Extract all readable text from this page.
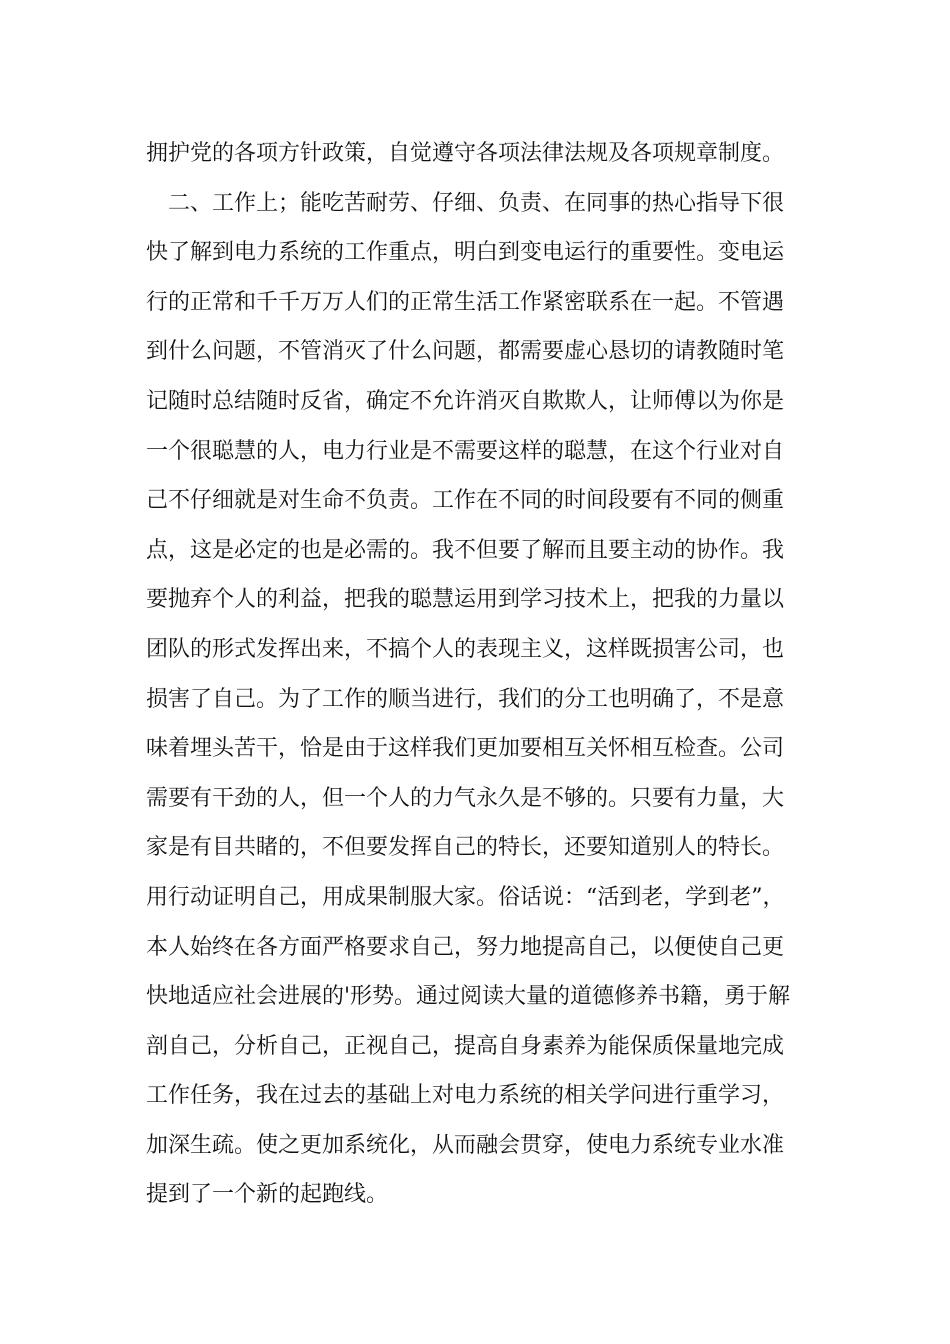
拥护党的各项方针政策，自觉遵守各项法律法规及各项规章制度。
二、工作上；能吃苦耐劳、仔细、负责、在同事的热心指导下很
快了解到电力系统的工作重点，明白到变电运行的重要性。变电运
行的正常和千千万万人们的正常生活工作紧密联系在一起。不管遇
到什么问题，不管消灭了什么问题，都需要虚心恳切的请教随时笔
记随时总结随时反省，确定不允许消灭自欺欺人，让师傅以为你是
一个很聪慧的人，电力行业是不需要这样的聪慧，在这个行业对自
己不仔细就是对生命不负责。工作在不同的时间段要有不同的侧重
点，这是必定的也是必需的。我不但要了解而且要主动的协作。我
要抛弃个人的利益，把我的聪慧运用到学习技术上，把我的力量以
团队的形式发挥出来，不搞个人的表现主义，这样既损害公司，也
损害了自己。为了工作的顺当进行，我们的分工也明确了，不是意
味着埋头苦干，恰是由于这样我们更加要相互关怀相互检查。公司
需要有干劲的人，但一个人的力气永久是不够的。只要有力量，大
家是有目共睹的，不但要发挥自己的特长，还要知道别人的特长。
用行动证明自己，用成果制服大家。俗话说：“活到老，学到老”，
本人始终在各方面严格要求自己，努力地提高自己，以便使自己更
快地适应社会进展的'形势。通过阅读大量的道德修养书籍，勇于解
剖自己，分析自己，正视自己，提高自身素养为能保质保量地完成
工作任务，我在过去的基础上对电力系统的相关学问进行重学习，
加深生疏。使之更加系统化，从而融会贯穿，使电力系统专业水准
提到了一个新的起跑线。
